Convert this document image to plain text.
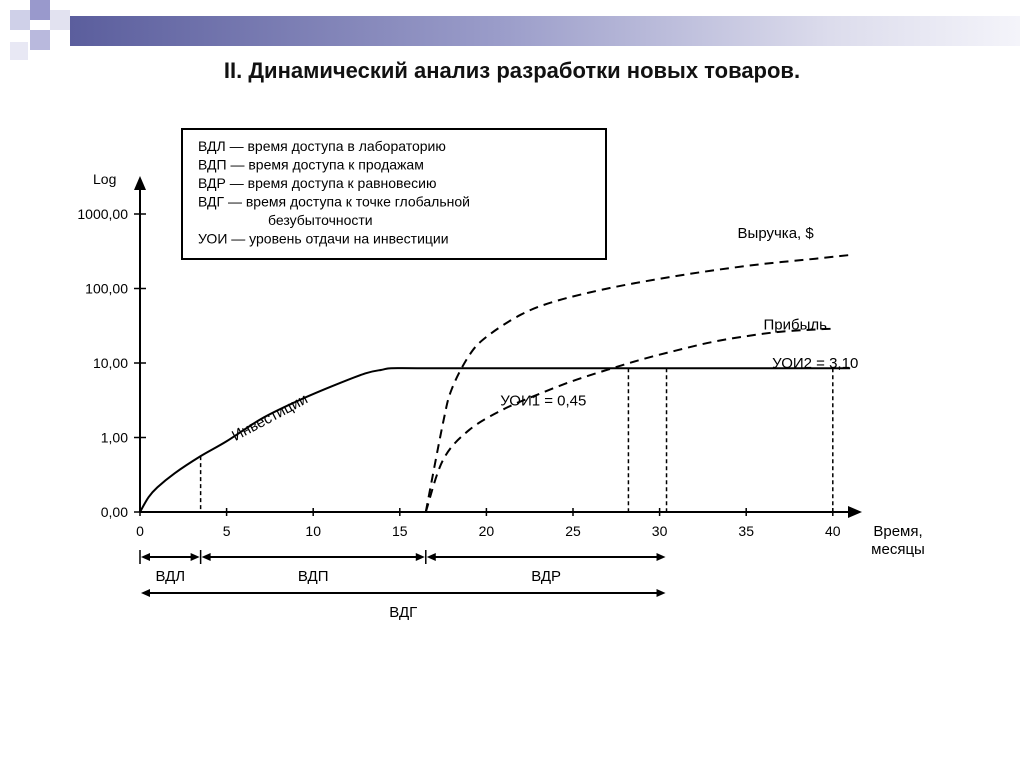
II. Динамический анализ разработки новых товаров.
ВДЛ — время доступа в лабораторию
ВДП — время доступа к продажам
ВДР — время доступа к равновесию
ВДГ — время доступа к точке глобальной
безубыточности
УОИ — уровень отдачи на инвестиции
Log
Время,
месяцы
0,00
1,00
10,00
100,00
1000,00
0	5	10	15	20	25	30	35	40
Инвестиции
Выручка, $
Прибыль
УОИ1 = 0,45
УОИ2 = 3,10
ВДЛ	ВДП	ВДР
ВДГ
